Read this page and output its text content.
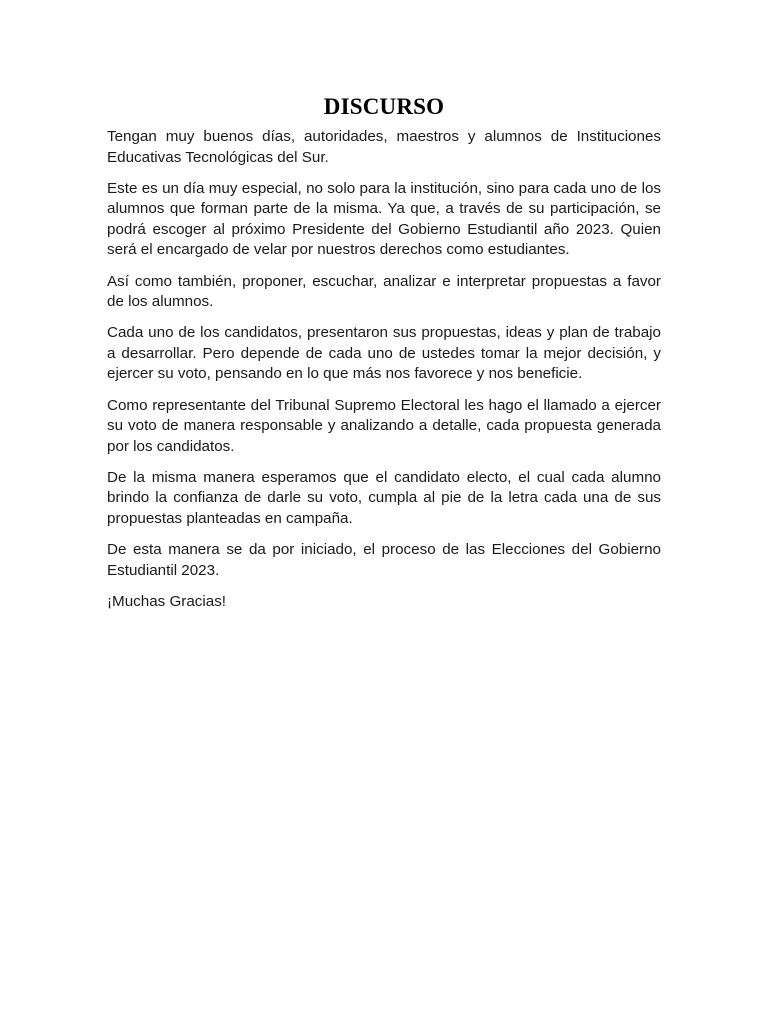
DISCURSO

Tengan muy buenos días, autoridades, maestros y alumnos de Instituciones Educativas Tecnológicas del Sur.

Este es un día muy especial, no solo para la institución, sino para cada uno de los alumnos que forman parte de la misma. Ya que, a través de su participación, se podrá escoger al próximo Presidente del Gobierno Estudiantil año 2023. Quien será el encargado de velar por nuestros derechos como estudiantes.

Así como también, proponer, escuchar, analizar e interpretar propuestas a favor de los alumnos.

Cada uno de los candidatos, presentaron sus propuestas, ideas y plan de trabajo a desarrollar. Pero depende de cada uno de ustedes tomar la mejor decisión, y ejercer su voto, pensando en lo que más nos favorece y nos beneficie.

Como representante del Tribunal Supremo Electoral les hago el llamado a ejercer su voto de manera responsable y analizando a detalle, cada propuesta generada por los candidatos.

De la misma manera esperamos que el candidato electo, el cual cada alumno brindo la confianza de darle su voto, cumpla al pie de la letra cada una de sus propuestas planteadas en campaña.

De esta manera se da por iniciado, el proceso de las Elecciones del Gobierno Estudiantil 2023.

¡Muchas Gracias!
